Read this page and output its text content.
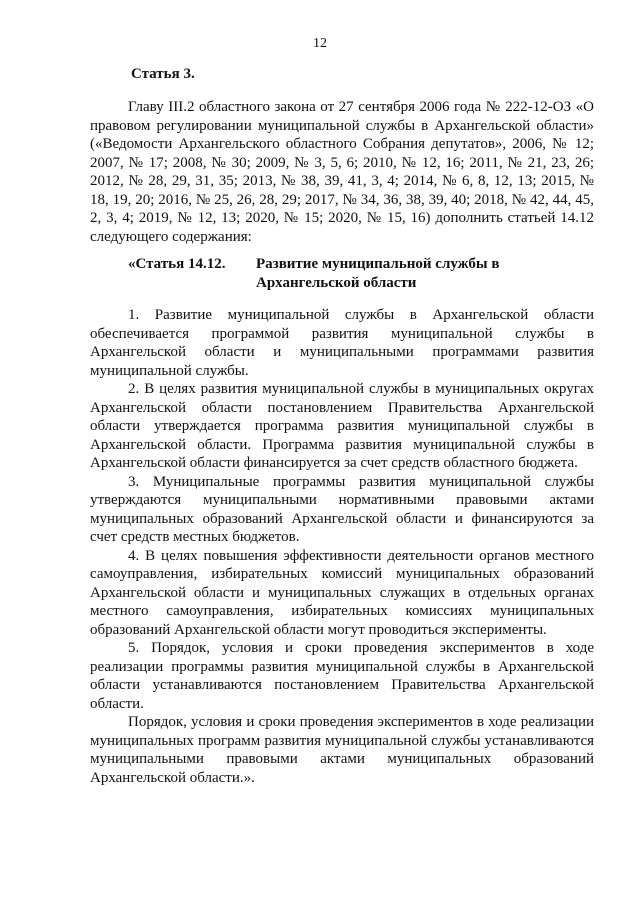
12
Статья 3.

Главу III.2 областного закона от 27 сентября 2006 года № 222-12-ОЗ «О правовом регулировании муниципальной службы в Архангельской области» («Ведомости Архангельского областного Собрания депутатов», 2006, № 12; 2007, № 17; 2008, № 30; 2009, № 3, 5, 6; 2010, № 12, 16; 2011, № 21, 23, 26; 2012, № 28, 29, 31, 35; 2013, № 38, 39, 41, 3, 4; 2014, № 6, 8, 12, 13; 2015, № 18, 19, 20; 2016, № 25, 26, 28, 29; 2017, № 34, 36, 38, 39, 40; 2018, № 42, 44, 45, 2, 3, 4; 2019, № 12, 13; 2020, № 15; 2020, № 15, 16) дополнить статьей 14.12 следующего содержания:

«Статья 14.12. Развитие муниципальной службы в Архангельской области

1. Развитие муниципальной службы в Архангельской области обеспечивается программой развития муниципальной службы в Архангельской области и муниципальными программами развития муниципальной службы.

2. В целях развития муниципальной службы в муниципальных округах Архангельской области постановлением Правительства Архангельской области утверждается программа развития муниципальной службы в Архангельской области. Программа развития муниципальной службы в Архангельской области финансируется за счет средств областного бюджета.

3. Муниципальные программы развития муниципальной службы утверждаются муниципальными нормативными правовыми актами муниципальных образований Архангельской области и финансируются за счет средств местных бюджетов.

4. В целях повышения эффективности деятельности органов местного самоуправления, избирательных комиссий муниципальных образований Архангельской области и муниципальных служащих в отдельных органах местного самоуправления, избирательных комиссиях муниципальных образований Архангельской области могут проводиться эксперименты.

5. Порядок, условия и сроки проведения экспериментов в ходе реализации программы развития муниципальной службы в Архангельской области устанавливаются постановлением Правительства Архангельской области.

Порядок, условия и сроки проведения экспериментов в ходе реализации муниципальных программ развития муниципальной службы устанавливаются муниципальными правовыми актами муниципальных образований Архангельской области.».
